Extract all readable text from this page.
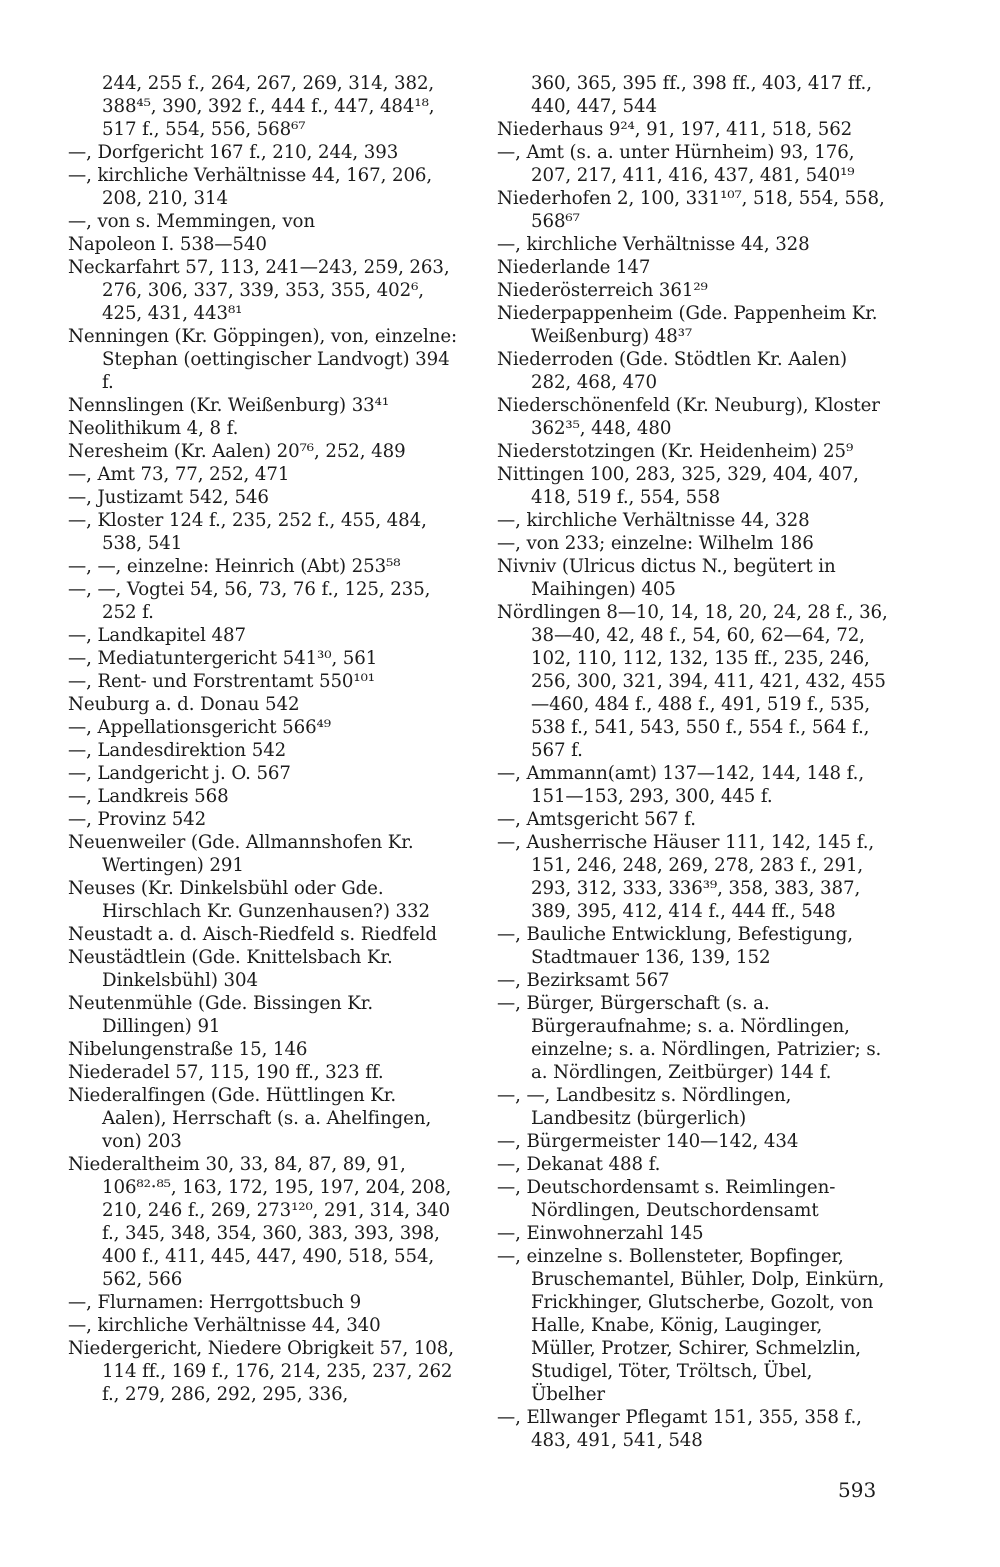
244, 255 f., 264, 267, 269, 314, 382, 388⁴⁵, 390, 392 f., 444 f., 447, 484¹⁸, 517 f., 554, 556, 568⁶⁷
—, Dorfgericht 167 f., 210, 244, 393
—, kirchliche Verhältnisse 44, 167, 206, 208, 210, 314
—, von s. Memmingen, von
Napoleon I. 538—540
Neckarfahrt 57, 113, 241—243, 259, 263, 276, 306, 337, 339, 353, 355, 402⁶, 425, 431, 443⁸¹
Nenningen (Kr. Göppingen), von, einzelne: Stephan (oettingischer Landvogt) 394 f.
Nennslingen (Kr. Weißenburg) 33⁴¹
Neolithikum 4, 8 f.
Neresheim (Kr. Aalen) 20⁷⁶, 252, 489
—, Amt 73, 77, 252, 471
—, Justizamt 542, 546
—, Kloster 124 f., 235, 252 f., 455, 484, 538, 541
—, —, einzelne: Heinrich (Abt) 253⁵⁸
—, —, Vogtei 54, 56, 73, 76 f., 125, 235, 252 f.
—, Landkapitel 487
—, Mediatuntergericht 541³⁰, 561
—, Rent- und Forstrentamt 550¹⁰¹
Neuburg a. d. Donau 542
—, Appellationsgericht 566⁴⁹
—, Landesdirektion 542
—, Landgericht j. O. 567
—, Landkreis 568
—, Provinz 542
Neuenweiler (Gde. Allmannshofen Kr. Wertingen) 291
Neuses (Kr. Dinkelsbühl oder Gde. Hirschlach Kr. Gunzenhausen?) 332
Neustadt a. d. Aisch-Riedfeld s. Riedfeld
Neustädtlein (Gde. Knittelsbach Kr. Dinkelsbühl) 304
Neutenmühle (Gde. Bissingen Kr. Dillingen) 91
Nibelungenstraße 15, 146
Niederadel 57, 115, 190 ff., 323 ff.
Niederalfingen (Gde. Hüttlingen Kr. Aalen), Herrschaft (s. a. Ahelfingen, von) 203
Niederaltheim 30, 33, 84, 87, 89, 91, 106⁸²·⁸⁵, 163, 172, 195, 197, 204, 208, 210, 246 f., 269, 273¹²⁰, 291, 314, 340 f., 345, 348, 354, 360, 383, 393, 398, 400 f., 411, 445, 447, 490, 518, 554, 562, 566
—, Flurnamen: Herrgottsbuch 9
—, kirchliche Verhältnisse 44, 340
Niedergericht, Niedere Obrigkeit 57, 108, 114 ff., 169 f., 176, 214, 235, 237, 262 f., 279, 286, 292, 295, 336,
360, 365, 395 ff., 398 ff., 403, 417 ff., 440, 447, 544
Niederhaus 9²⁴, 91, 197, 411, 518, 562
—, Amt (s. a. unter Hürnheim) 93, 176, 207, 217, 411, 416, 437, 481, 540¹⁹
Niederhofen 2, 100, 331¹⁰⁷, 518, 554, 558, 568⁶⁷
—, kirchliche Verhältnisse 44, 328
Niederlande 147
Niederösterreich 361²⁹
Niederpappenheim (Gde. Pappenheim Kr. Weißenburg) 48³⁷
Niederroden (Gde. Stödtlen Kr. Aalen) 282, 468, 470
Niederschönenfeld (Kr. Neuburg), Kloster 362³⁵, 448, 480
Niederstotzingen (Kr. Heidenheim) 25⁹
Nittingen 100, 283, 325, 329, 404, 407, 418, 519 f., 554, 558
—, kirchliche Verhältnisse 44, 328
—, von 233; einzelne: Wilhelm 186
Nivniv (Ulricus dictus N., begütert in Maihingen) 405
Nördlingen 8—10, 14, 18, 20, 24, 28 f., 36, 38—40, 42, 48 f., 54, 60, 62—64, 72, 102, 110, 112, 132, 135 ff., 235, 246, 256, 300, 321, 394, 411, 421, 432, 455—460, 484 f., 488 f., 491, 519 f., 535, 538 f., 541, 543, 550 f., 554 f., 564 f., 567 f.
—, Ammann(amt) 137—142, 144, 148 f., 151—153, 293, 300, 445 f.
—, Amtsgericht 567 f.
—, Ausherrische Häuser 111, 142, 145 f., 151, 246, 248, 269, 278, 283 f., 291, 293, 312, 333, 336³⁹, 358, 383, 387, 389, 395, 412, 414 f., 444 ff., 548
—, Bauliche Entwicklung, Befestigung, Stadtmauer 136, 139, 152
—, Bezirksamt 567
—, Bürger, Bürgerschaft (s. a. Bürgeraufnahme; s. a. Nördlingen, einzelne; s. a. Nördlingen, Patrizier; s. a. Nördlingen, Zeitbürger) 144 f.
—, —, Landbesitz s. Nördlingen, Landbesitz (bürgerlich)
—, Bürgermeister 140—142, 434
—, Dekanat 488 f.
—, Deutschordensamt s. Reimlingen-Nördlingen, Deutschordensamt
—, Einwohnerzahl 145
—, einzelne s. Bollensteter, Bopfinger, Bruschemantel, Bühler, Dolp, Einkürn, Frickhinger, Glutscherbe, Gozolt, von Halle, Knabe, König, Lauginger, Müller, Protzer, Schirer, Schmelzlin, Studigel, Töter, Tröltsch, Übel, Übelher
—, Ellwanger Pflegamt 151, 355, 358 f., 483, 491, 541, 548
593
